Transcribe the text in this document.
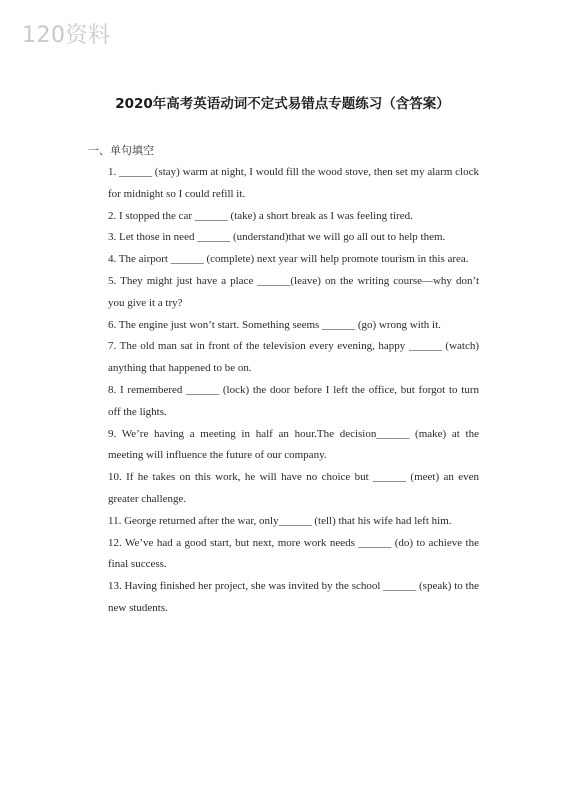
120资料
2020年高考英语动词不定式易错点专题练习（含答案）
一、单句填空

1. ______ (stay) warm at night, I would fill the wood stove, then set my alarm clock for midnight so I could refill it.

2. I stopped the car ______ (take) a short break as I was feeling tired.

3. Let those in need ______ (understand)that we will go all out to help them.

4. The airport ______ (complete) next year will help promote tourism in this area.

5. They might just have a place ______(leave) on the writing course—why don’t you give it a try?

6. The engine just won’t start. Something seems ______ (go) wrong with it.

7. The old man sat in front of the television every evening, happy ______ (watch) anything that happened to be on.

8. I remembered ______ (lock) the door before I left the office, but forgot to turn off the lights.

9. We’re having a meeting in half an hour.The decision______ (make) at the meeting will influence the future of our company.

10. If he takes on this work, he will have no choice but ______ (meet) an even greater challenge.

11. George returned after the war, only______ (tell) that his wife had left him.

12. We’ve had a good start, but next, more work needs ______ (do) to achieve the final success.

13. Having finished her project, she was invited by the school ______ (speak) to the new students.
